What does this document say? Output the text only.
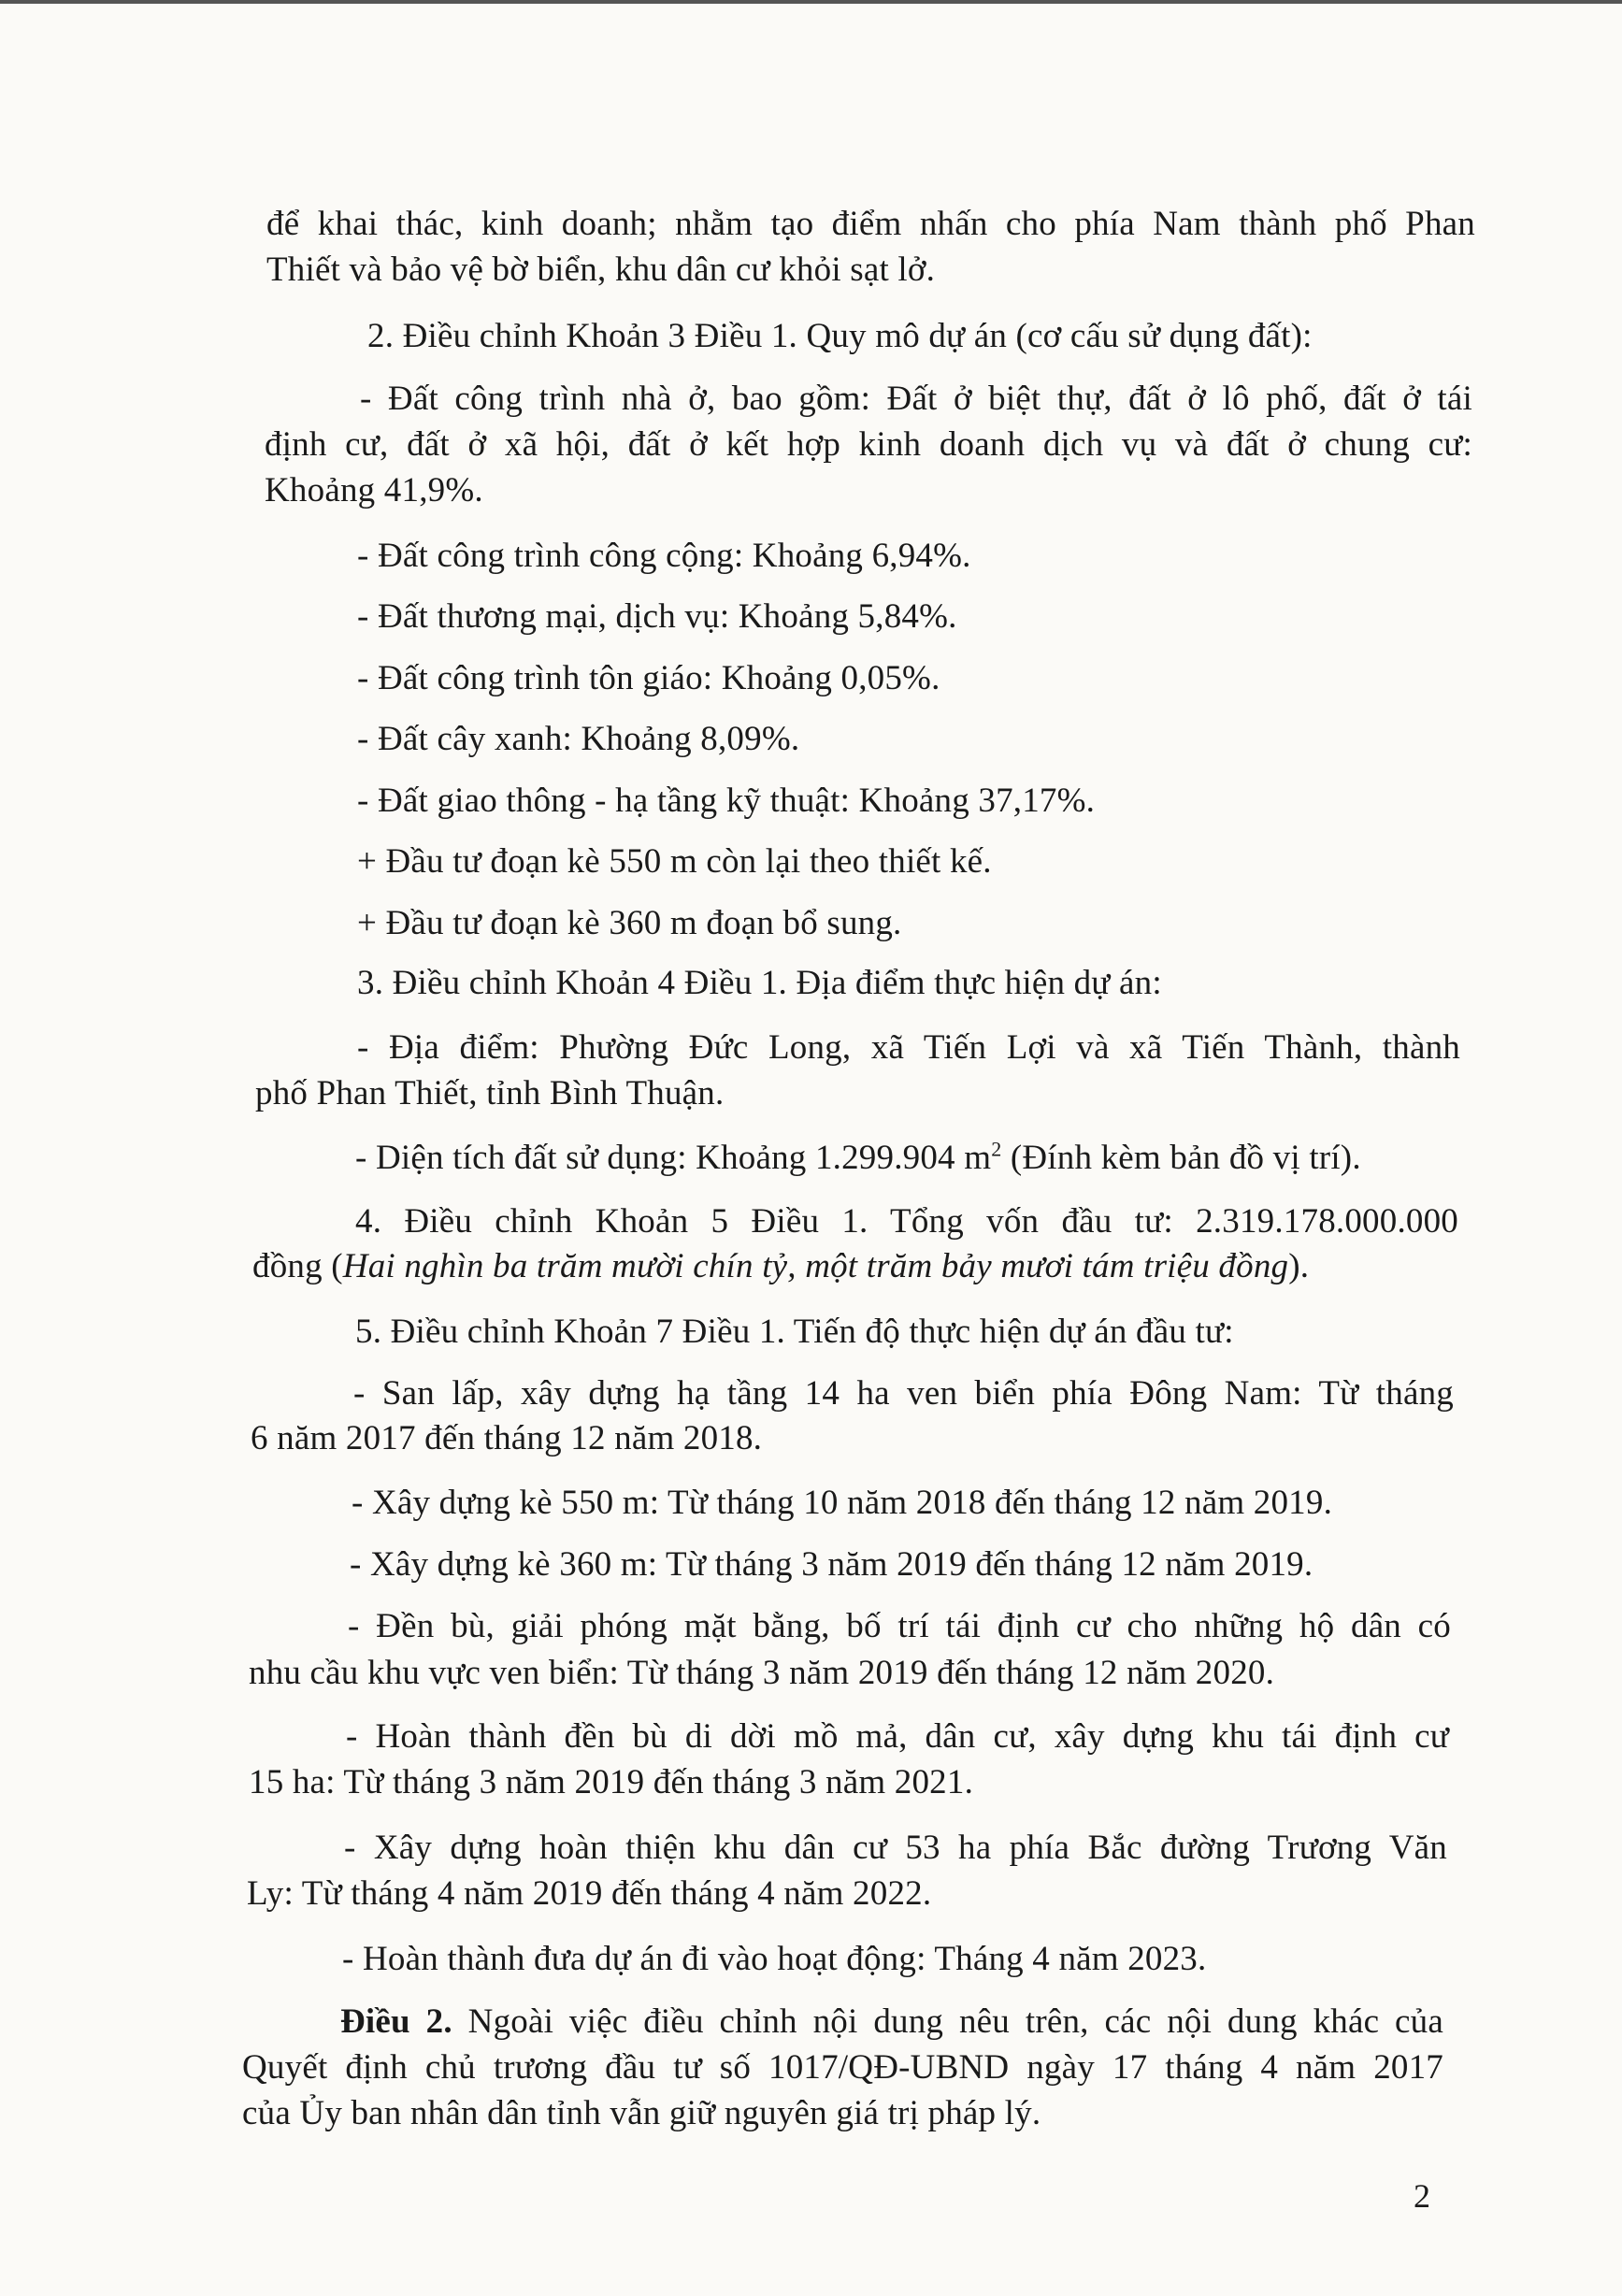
để khai thác, kinh doanh; nhằm tạo điểm nhấn cho phía Nam thành phố Phan
Thiết và bảo vệ bờ biển, khu dân cư khỏi sạt lở.
2. Điều chỉnh Khoản 3 Điều 1. Quy mô dự án (cơ cấu sử dụng đất):
- Đất công trình nhà ở, bao gồm: Đất ở biệt thự, đất ở lô phố, đất ở tái
định cư, đất ở xã hội, đất ở kết hợp kinh doanh dịch vụ và đất ở chung cư:
Khoảng 41,9%.
- Đất công trình công cộng: Khoảng 6,94%.
- Đất thương mại, dịch vụ: Khoảng 5,84%.
- Đất công trình tôn giáo: Khoảng 0,05%.
- Đất cây xanh: Khoảng 8,09%.
- Đất giao thông - hạ tầng kỹ thuật: Khoảng 37,17%.
+ Đầu tư đoạn kè 550 m còn lại theo thiết kế.
+ Đầu tư đoạn kè 360 m đoạn bổ sung.
3. Điều chỉnh Khoản 4 Điều 1. Địa điểm thực hiện dự án:
- Địa điểm: Phường Đức Long, xã Tiến Lợi và xã Tiến Thành, thành
phố Phan Thiết, tỉnh Bình Thuận.
- Diện tích đất sử dụng: Khoảng 1.299.904 $m^2$ (Đính kèm bản đồ vị trí).
4. Điều chỉnh Khoản 5 Điều 1. Tổng vốn đầu tư: 2.319.178.000.000
đồng (Hai nghìn ba trăm mười chín tỷ, một trăm bảy mươi tám triệu đồng).
5. Điều chỉnh Khoản 7 Điều 1. Tiến độ thực hiện dự án đầu tư:
- San lấp, xây dựng hạ tầng 14 ha ven biển phía Đông Nam: Từ tháng
6 năm 2017 đến tháng 12 năm 2018.
- Xây dựng kè 550 m: Từ tháng 10 năm 2018 đến tháng 12 năm 2019.
- Xây dựng kè 360 m: Từ tháng 3 năm 2019 đến tháng 12 năm 2019.
- Đền bù, giải phóng mặt bằng, bố trí tái định cư cho những hộ dân có
nhu cầu khu vực ven biển: Từ tháng 3 năm 2019 đến tháng 12 năm 2020.
- Hoàn thành đền bù di dời mồ mả, dân cư, xây dựng khu tái định cư
15 ha: Từ tháng 3 năm 2019 đến tháng 3 năm 2021.
- Xây dựng hoàn thiện khu dân cư 53 ha phía Bắc đường Trương Văn
Ly: Từ tháng 4 năm 2019 đến tháng 4 năm 2022.
- Hoàn thành đưa dự án đi vào hoạt động: Tháng 4 năm 2023.
Điều 2. Ngoài việc điều chỉnh nội dung nêu trên, các nội dung khác của
Quyết định chủ trương đầu tư số 1017/QĐ-UBND ngày 17 tháng 4 năm 2017
của Ủy ban nhân dân tỉnh vẫn giữ nguyên giá trị pháp lý.
2
